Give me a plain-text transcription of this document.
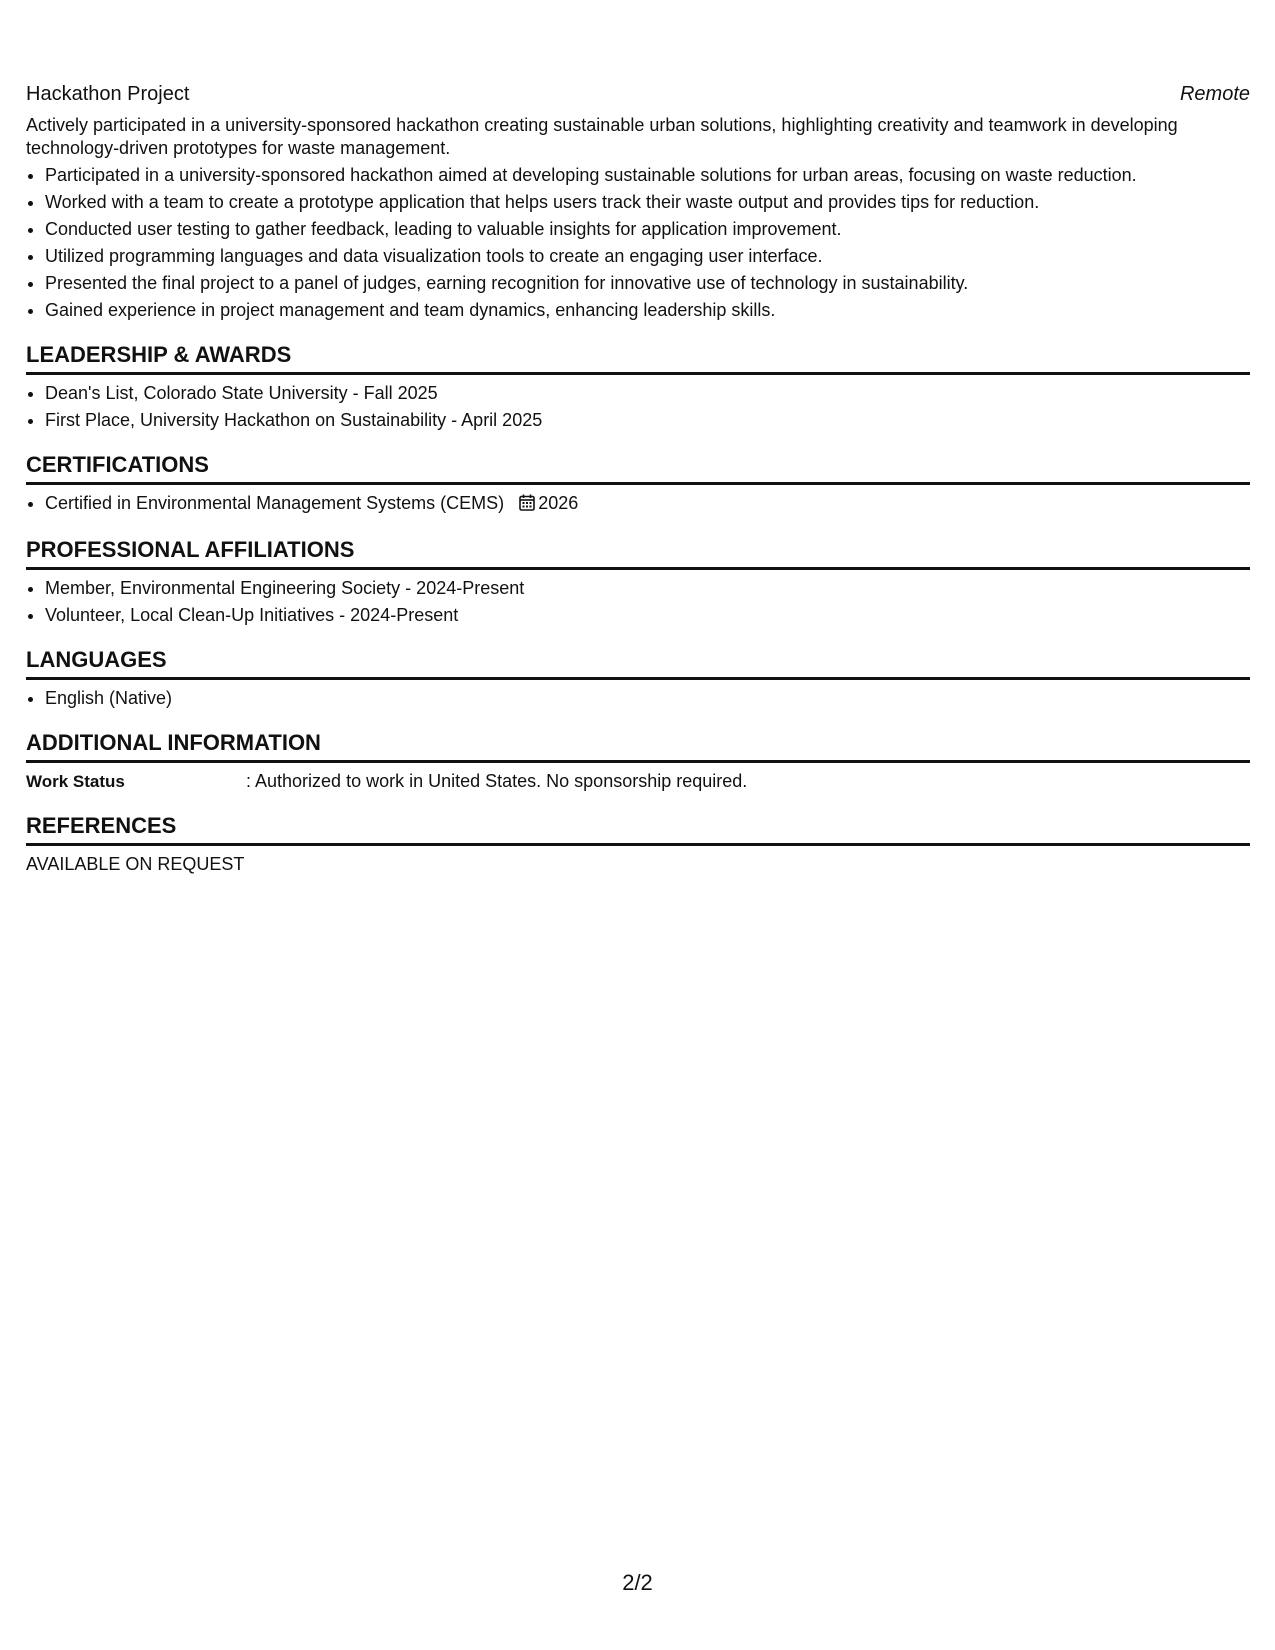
Hackathon Project	Remote
Actively participated in a university-sponsored hackathon creating sustainable urban solutions, highlighting creativity and teamwork in developing technology-driven prototypes for waste management.
• Participated in a university-sponsored hackathon aimed at developing sustainable solutions for urban areas, focusing on waste reduction.
• Worked with a team to create a prototype application that helps users track their waste output and provides tips for reduction.
• Conducted user testing to gather feedback, leading to valuable insights for application improvement.
• Utilized programming languages and data visualization tools to create an engaging user interface.
• Presented the final project to a panel of judges, earning recognition for innovative use of technology in sustainability.
• Gained experience in project management and team dynamics, enhancing leadership skills.
LEADERSHIP & AWARDS
• Dean's List, Colorado State University - Fall 2025
• First Place, University Hackathon on Sustainability - April 2025
CERTIFICATIONS
• Certified in Environmental Management Systems (CEMS) 2026
PROFESSIONAL AFFILIATIONS
• Member, Environmental Engineering Society - 2024-Present
• Volunteer, Local Clean-Up Initiatives - 2024-Present
LANGUAGES
• English (Native)
ADDITIONAL INFORMATION
Work Status	: Authorized to work in United States. No sponsorship required.
REFERENCES
AVAILABLE ON REQUEST
2/2
